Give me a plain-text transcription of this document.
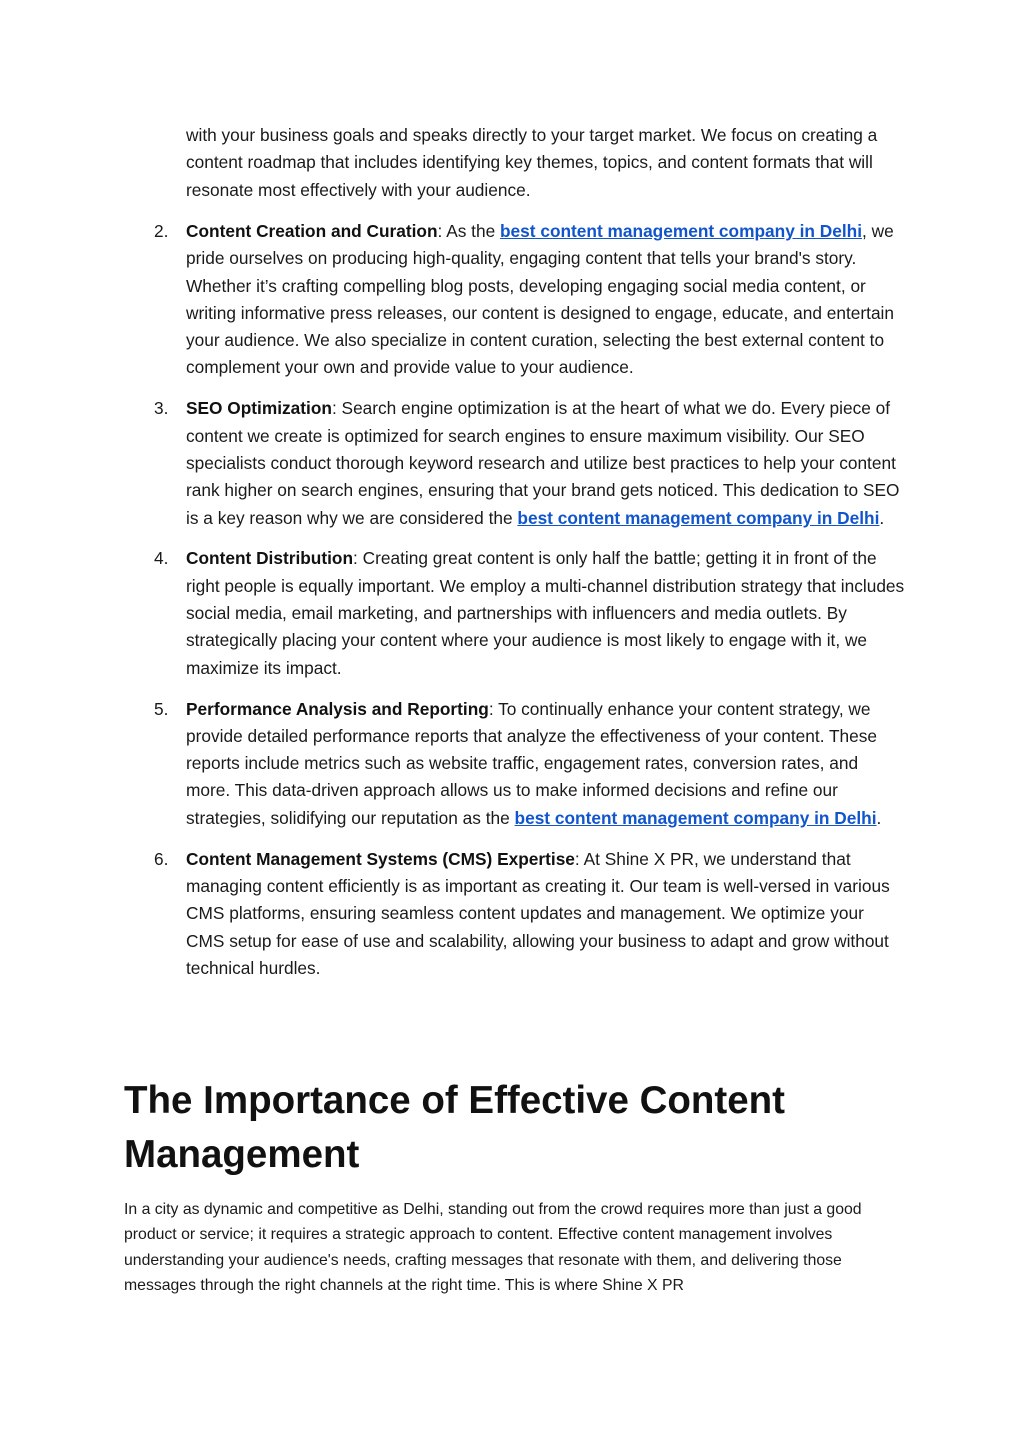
with your business goals and speaks directly to your target market. We focus on creating a content roadmap that includes identifying key themes, topics, and content formats that will resonate most effectively with your audience.

2. Content Creation and Curation: As the best content management company in Delhi, we pride ourselves on producing high-quality, engaging content that tells your brand's story. Whether it’s crafting compelling blog posts, developing engaging social media content, or writing informative press releases, our content is designed to engage, educate, and entertain your audience. We also specialize in content curation, selecting the best external content to complement your own and provide value to your audience.
3. SEO Optimization: Search engine optimization is at the heart of what we do. Every piece of content we create is optimized for search engines to ensure maximum visibility. Our SEO specialists conduct thorough keyword research and utilize best practices to help your content rank higher on search engines, ensuring that your brand gets noticed. This dedication to SEO is a key reason why we are considered the best content management company in Delhi.
4. Content Distribution: Creating great content is only half the battle; getting it in front of the right people is equally important. We employ a multi-channel distribution strategy that includes social media, email marketing, and partnerships with influencers and media outlets. By strategically placing your content where your audience is most likely to engage with it, we maximize its impact.
5. Performance Analysis and Reporting: To continually enhance your content strategy, we provide detailed performance reports that analyze the effectiveness of your content. These reports include metrics such as website traffic, engagement rates, conversion rates, and more. This data-driven approach allows us to make informed decisions and refine our strategies, solidifying our reputation as the best content management company in Delhi.
6. Content Management Systems (CMS) Expertise: At Shine X PR, we understand that managing content efficiently is as important as creating it. Our team is well-versed in various CMS platforms, ensuring seamless content updates and management. We optimize your CMS setup for ease of use and scalability, allowing your business to adapt and grow without technical hurdles.
The Importance of Effective Content Management

In a city as dynamic and competitive as Delhi, standing out from the crowd requires more than just a good product or service; it requires a strategic approach to content. Effective content management involves understanding your audience's needs, crafting messages that resonate with them, and delivering those messages through the right channels at the right time. This is where Shine X PR
